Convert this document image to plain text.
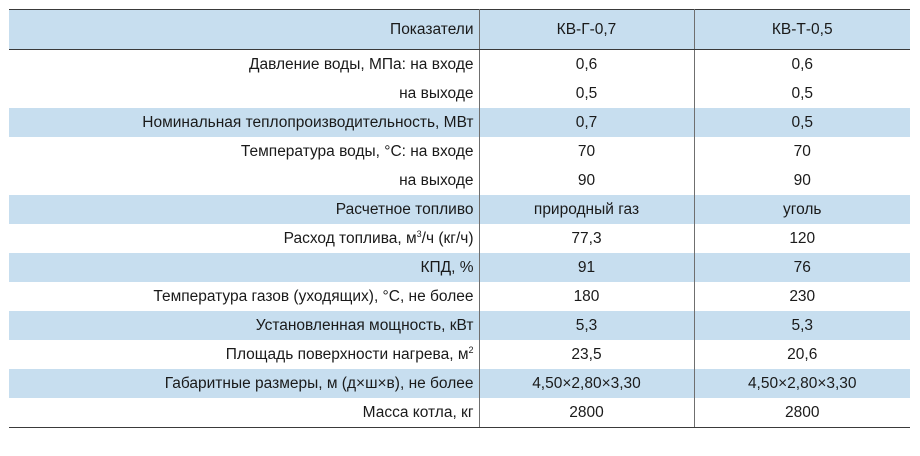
Показатели	КВ-Г-0,7	КВ-Т-0,5
Давление воды, МПа: на входе	0,6	0,6
на выходе	0,5	0,5
Номинальная теплопроизводительность, МВт	0,7	0,5
Температура воды, °С: на входе	70	70
на выходе	90	90
Расчетное топливо	природный газ	уголь
Расход топлива, $м^3/ч$ (кг/ч)	77,3	120
КПД, %	91	76
Температура газов (уходящих), °С, не более	180	230
Установленная мощность, кВт	5,3	5,3
Площадь поверхности нагрева, $м^2$	23,5	20,6
Габаритные размеры, м (д×ш×в), не более	4,50×2,80×3,30	4,50×2,80×3,30
Масса котла, кг	2800	2800
